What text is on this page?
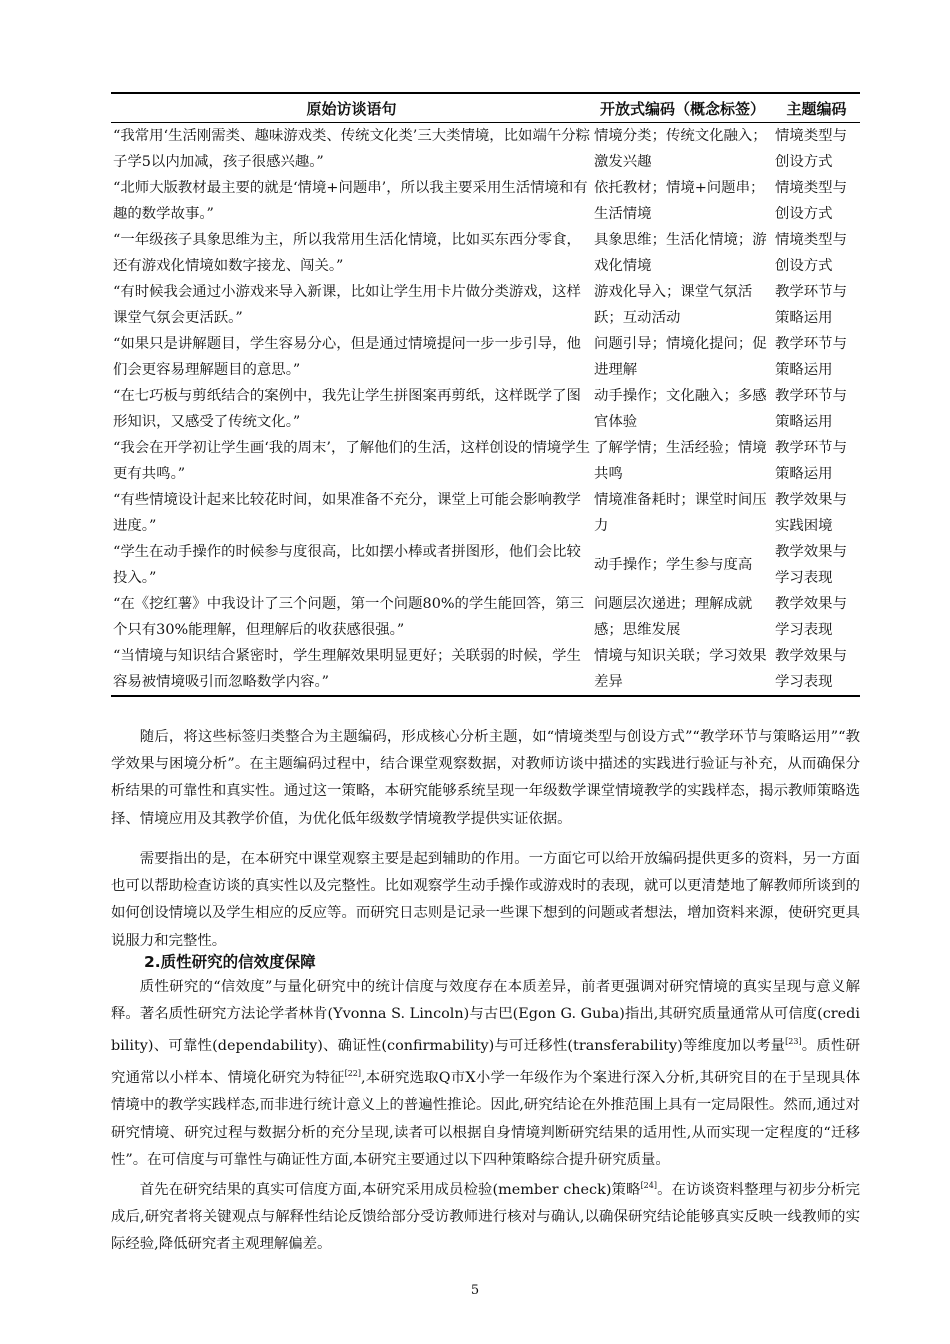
原始访谈语句	开放式编码（概念标签）	主题编码
“我常用‘生活刚需类、趣味游戏类、传统文化类’三大类情境，比如端午分粽子学5以内加减，孩子很感兴趣。”	情境分类；传统文化融入；激发兴趣	情境类型与创设方式
“北师大版教材最主要的就是‘情境+问题串’，所以我主要采用生活情境和有趣的数学故事。”	依托教材；情境+问题串；生活情境	情境类型与创设方式
“一年级孩子具象思维为主，所以我常用生活化情境，比如买东西分零食，还有游戏化情境如数字接龙、闯关。”	具象思维；生活化情境；游戏化情境	情境类型与创设方式
“有时候我会通过小游戏来导入新课，比如让学生用卡片做分类游戏，这样课堂气氛会更活跃。”	游戏化导入；课堂气氛活跃；互动活动	教学环节与策略运用
“如果只是讲解题目，学生容易分心，但是通过情境提问一步一步引导，他们会更容易理解题目的意思。”	问题引导；情境化提问；促进理解	教学环节与策略运用
“在七巧板与剪纸结合的案例中，我先让学生拼图案再剪纸，这样既学了图形知识，又感受了传统文化。”	动手操作；文化融入；多感官体验	教学环节与策略运用
“我会在开学初让学生画‘我的周末’，了解他们的生活，这样创设的情境学生更有共鸣。”	了解学情；生活经验；情境共鸣	教学环节与策略运用
“有些情境设计起来比较花时间，如果准备不充分，课堂上可能会影响教学进度。”	情境准备耗时；课堂时间压力	教学效果与实践困境
“学生在动手操作的时候参与度很高，比如摆小棒或者拼图形，他们会比较投入。”	动手操作；学生参与度高	教学效果与学习表现
“在《挖红薯》中我设计了三个问题，第一个问题80%的学生能回答，第三个只有30%能理解，但理解后的收获感很强。”	问题层次递进；理解成就感；思维发展	教学效果与学习表现
“当情境与知识结合紧密时，学生理解效果明显更好；关联弱的时候，学生容易被情境吸引而忽略数学内容。”	情境与知识关联；学习效果差异	教学效果与学习表现

随后，将这些标签归类整合为主题编码，形成核心分析主题，如“情境类型与创设方式”“教学环节与策略运用”“教学效果与困境分析”。在主题编码过程中，结合课堂观察数据，对教师访谈中描述的实践进行验证与补充，从而确保分析结果的可靠性和真实性。通过这一策略，本研究能够系统呈现一年级数学课堂情境教学的实践样态，揭示教师策略选择、情境应用及其教学价值，为优化低年级数学情境教学提供实证依据。

需要指出的是，在本研究中课堂观察主要是起到辅助的作用。一方面它可以给开放编码提供更多的资料，另一方面也可以帮助检查访谈的真实性以及完整性。比如观察学生动手操作或游戏时的表现，就可以更清楚地了解教师所谈到的如何创设情境以及学生相应的反应等。而研究日志则是记录一些课下想到的问题或者想法，增加资料来源，使研究更具说服力和完整性。

2.质性研究的信效度保障

质性研究的“信效度”与量化研究中的统计信度与效度存在本质差异，前者更强调对研究情境的真实呈现与意义解释。著名质性研究方法论学者林肯(Yvonna S. Lincoln)与古巴(Egon G. Guba)指出,其研究质量通常从可信度(credibility)、可靠性(dependability)、确证性(confirmability)与可迁移性(transferability)等维度加以考量[23]。质性研究通常以小样本、情境化研究为特征[22],本研究选取Q市X小学一年级作为个案进行深入分析,其研究目的在于呈现具体情境中的教学实践样态,而非进行统计意义上的普遍性推论。因此,研究结论在外推范围上具有一定局限性。然而,通过对研究情境、研究过程与数据分析的充分呈现,读者可以根据自身情境判断研究结果的适用性,从而实现一定程度的“迁移性”。在可信度与可靠性与确证性方面,本研究主要通过以下四种策略综合提升研究质量。

首先在研究结果的真实可信度方面,本研究采用成员检验(member check)策略[24]。在访谈资料整理与初步分析完成后,研究者将关键观点与解释性结论反馈给部分受访教师进行核对与确认,以确保研究结论能够真实反映一线教师的实际经验,降低研究者主观理解偏差。

5
